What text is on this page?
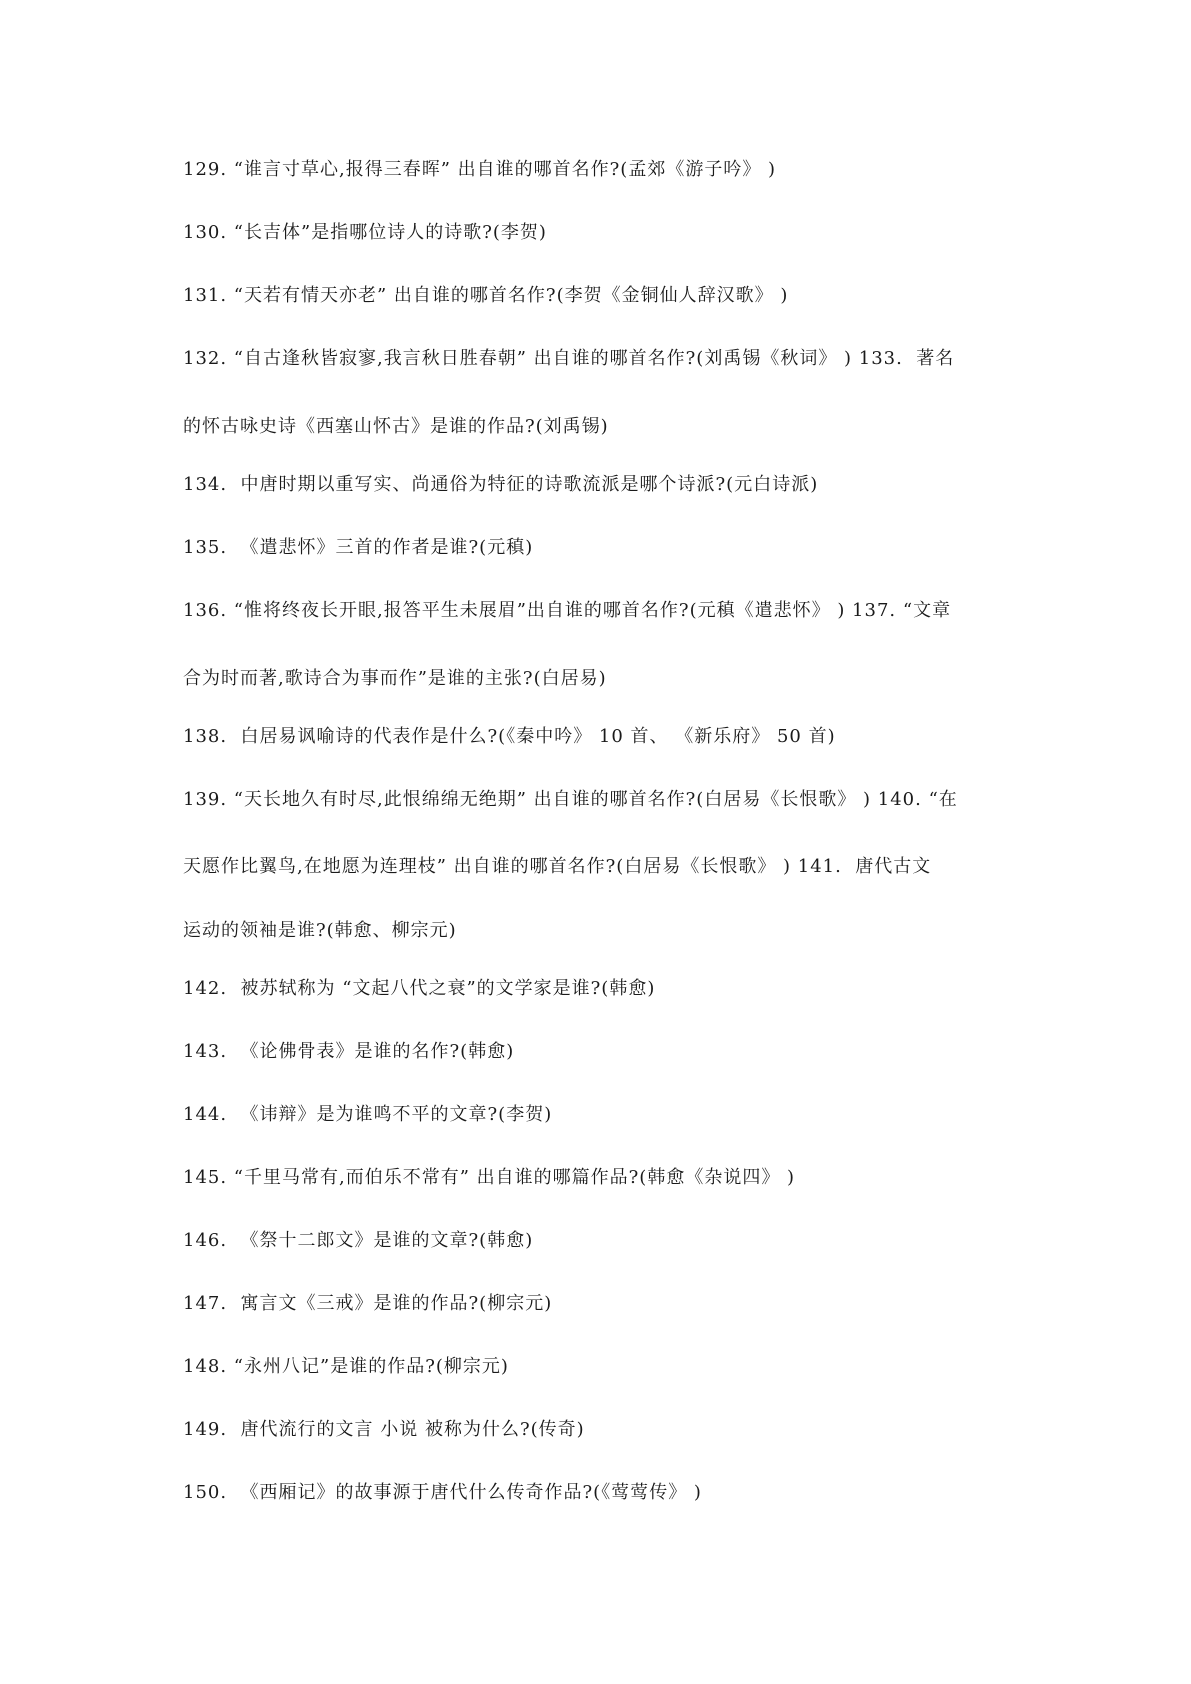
129. “谁言寸草心,报得三春晖” 出自谁的哪首名作?(孟郊《游子吟》 )
130. “长吉体”是指哪位诗人的诗歌?(李贺)
131. “天若有情天亦老” 出自谁的哪首名作?(李贺《金铜仙人辞汉歌》 )
132. “自古逢秋皆寂寥,我言秋日胜春朝” 出自谁的哪首名作?(刘禹锡《秋词》 ) 133.  著名
的怀古咏史诗《西塞山怀古》是谁的作品?(刘禹锡)
134.  中唐时期以重写实、尚通俗为特征的诗歌流派是哪个诗派?(元白诗派)
135.  《遣悲怀》三首的作者是谁?(元稹)
136. “惟将终夜长开眼,报答平生未展眉”出自谁的哪首名作?(元稹《遣悲怀》 ) 137. “文章
合为时而著,歌诗合为事而作”是谁的主张?(白居易)
138.  白居易讽喻诗的代表作是什么?(《秦中吟》 10 首、 《新乐府》 50 首)
139. “天长地久有时尽,此恨绵绵无绝期” 出自谁的哪首名作?(白居易《长恨歌》 ) 140. “在
天愿作比翼鸟,在地愿为连理枝” 出自谁的哪首名作?(白居易《长恨歌》 ) 141.  唐代古文
运动的领袖是谁?(韩愈、柳宗元)
142.  被苏轼称为 “文起八代之衰”的文学家是谁?(韩愈)
143.  《论佛骨表》是谁的名作?(韩愈)
144.  《讳辩》是为谁鸣不平的文章?(李贺)
145. “千里马常有,而伯乐不常有” 出自谁的哪篇作品?(韩愈《杂说四》 )
146.  《祭十二郎文》是谁的文章?(韩愈)
147.  寓言文《三戒》是谁的作品?(柳宗元)
148. “永州八记”是谁的作品?(柳宗元)
149.  唐代流行的文言 小说 被称为什么?(传奇)
150.  《西厢记》的故事源于唐代什么传奇作品?(《莺莺传》 )
